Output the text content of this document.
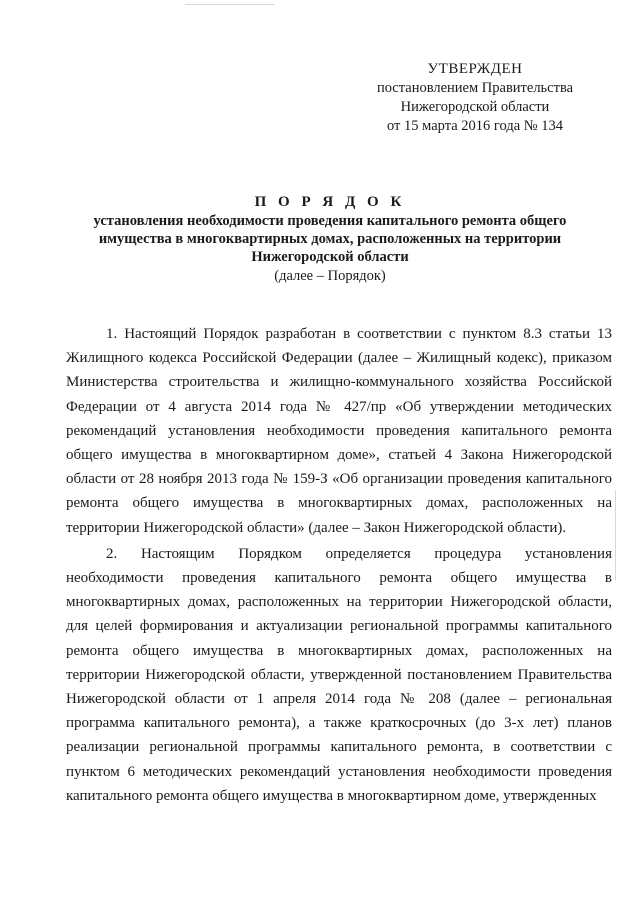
УТВЕРЖДЕН
постановлением Правительства
Нижегородской области
от 15 марта 2016 года № 134
П О Р Я Д О К
установления необходимости проведения капитального ремонта общего
имущества в многоквартирных домах, расположенных на территории
Нижегородской области
(далее – Порядок)

1. Настоящий Порядок разработан в соответствии с пунктом 8.3 статьи 13 Жилищного кодекса Российской Федерации (далее – Жилищный кодекс), приказом Министерства строительства и жилищно-коммунального хозяйства Российской Федерации от 4 августа 2014 года № 427/пр «Об утверждении методических рекомендаций установления необходимости проведения капитального ремонта общего имущества в многоквартирном доме», статьей 4 Закона Нижегородской области от 28 ноября 2013 года № 159-З «Об организации проведения капитального ремонта общего имущества в многоквартирных домах, расположенных на территории Нижегородской области» (далее – Закон Нижегородской области).

2. Настоящим Порядком определяется процедура установления необходимости проведения капитального ремонта общего имущества в многоквартирных домах, расположенных на территории Нижегородской области, для целей формирования и актуализации региональной программы капитального ремонта общего имущества в многоквартирных домах, расположенных на территории Нижегородской области, утвержденной постановлением Правительства Нижегородской области от 1 апреля 2014 года № 208 (далее – региональная программа капитального ремонта), а также краткосрочных (до 3-х лет) планов реализации региональной программы капитального ремонта, в соответствии с пунктом 6 методических рекомендаций установления необходимости проведения капитального ремонта общего имущества в многоквартирном доме, утвержденных
